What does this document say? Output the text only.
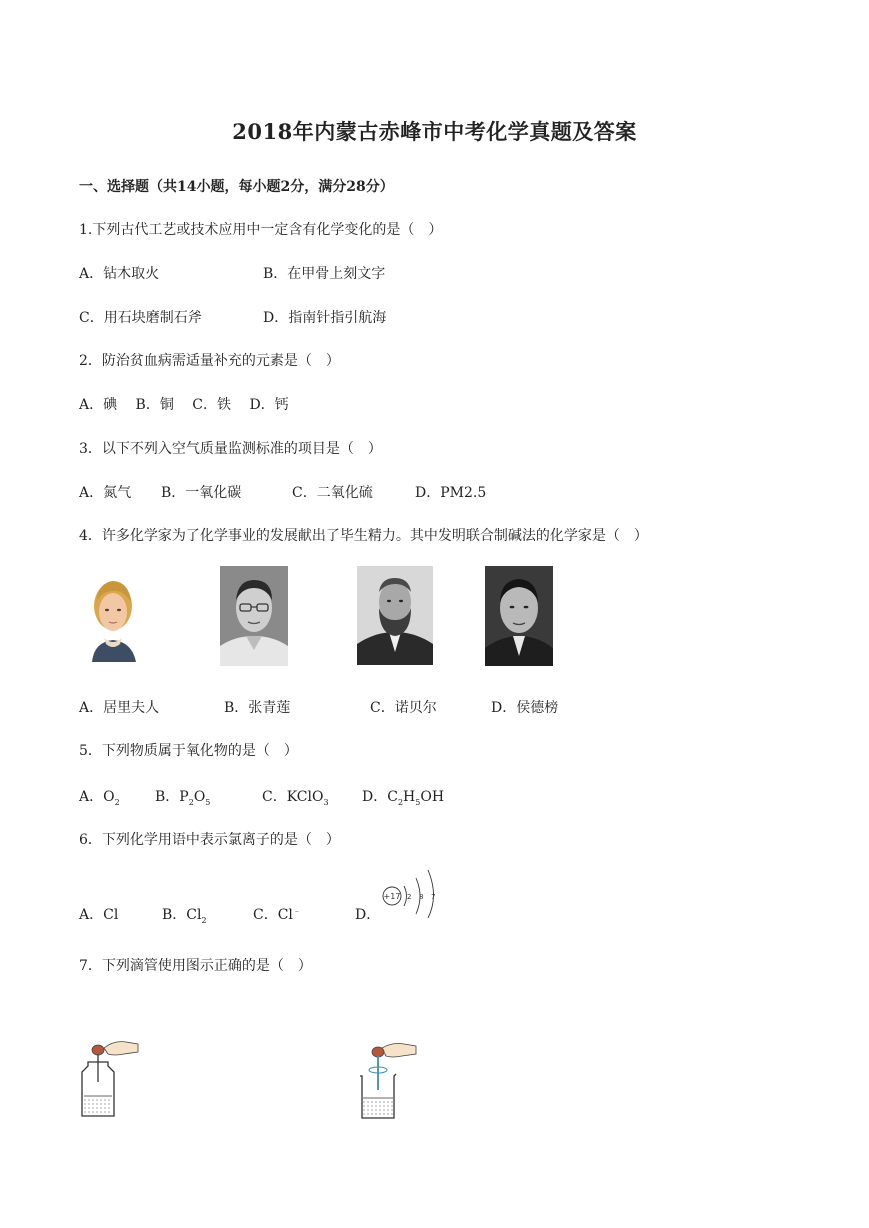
2018年内蒙古赤峰市中考化学真题及答案
一、选择题（共14小题，每小题2分，满分28分）
1.下列古代工艺或技术应用中一定含有化学变化的是（　）
A．钻木取火	B．在甲骨上刻文字
C．用石块磨制石斧	D．指南针指引航海
2．防治贫血病需适量补充的元素是（　）
A．碘　 B．铜　 C．铁　 D．钙
3．以下不列入空气质量监测标准的项目是（　）
A．氮气 B．一氧化碳	C．二氧化硫	D．PM2.5
4．许多化学家为了化学事业的发展献出了毕生精力。其中发明联合制碱法的化学家是（　）
A．居里夫人	B．张青莲	C．诺贝尔	D．侯德榜
5．下列物质属于氧化物的是（　）
A．$O_2$	B．$P_2O_5$	C．KClO$_3$ D．$C_2H_5OH$
6．下列化学用语中表示氯离子的是（　）
A．Cl	B．$Cl_2$	C．Cl﹣	D．
+17 2 8 7
7．下列滴管使用图示正确的是（　）
